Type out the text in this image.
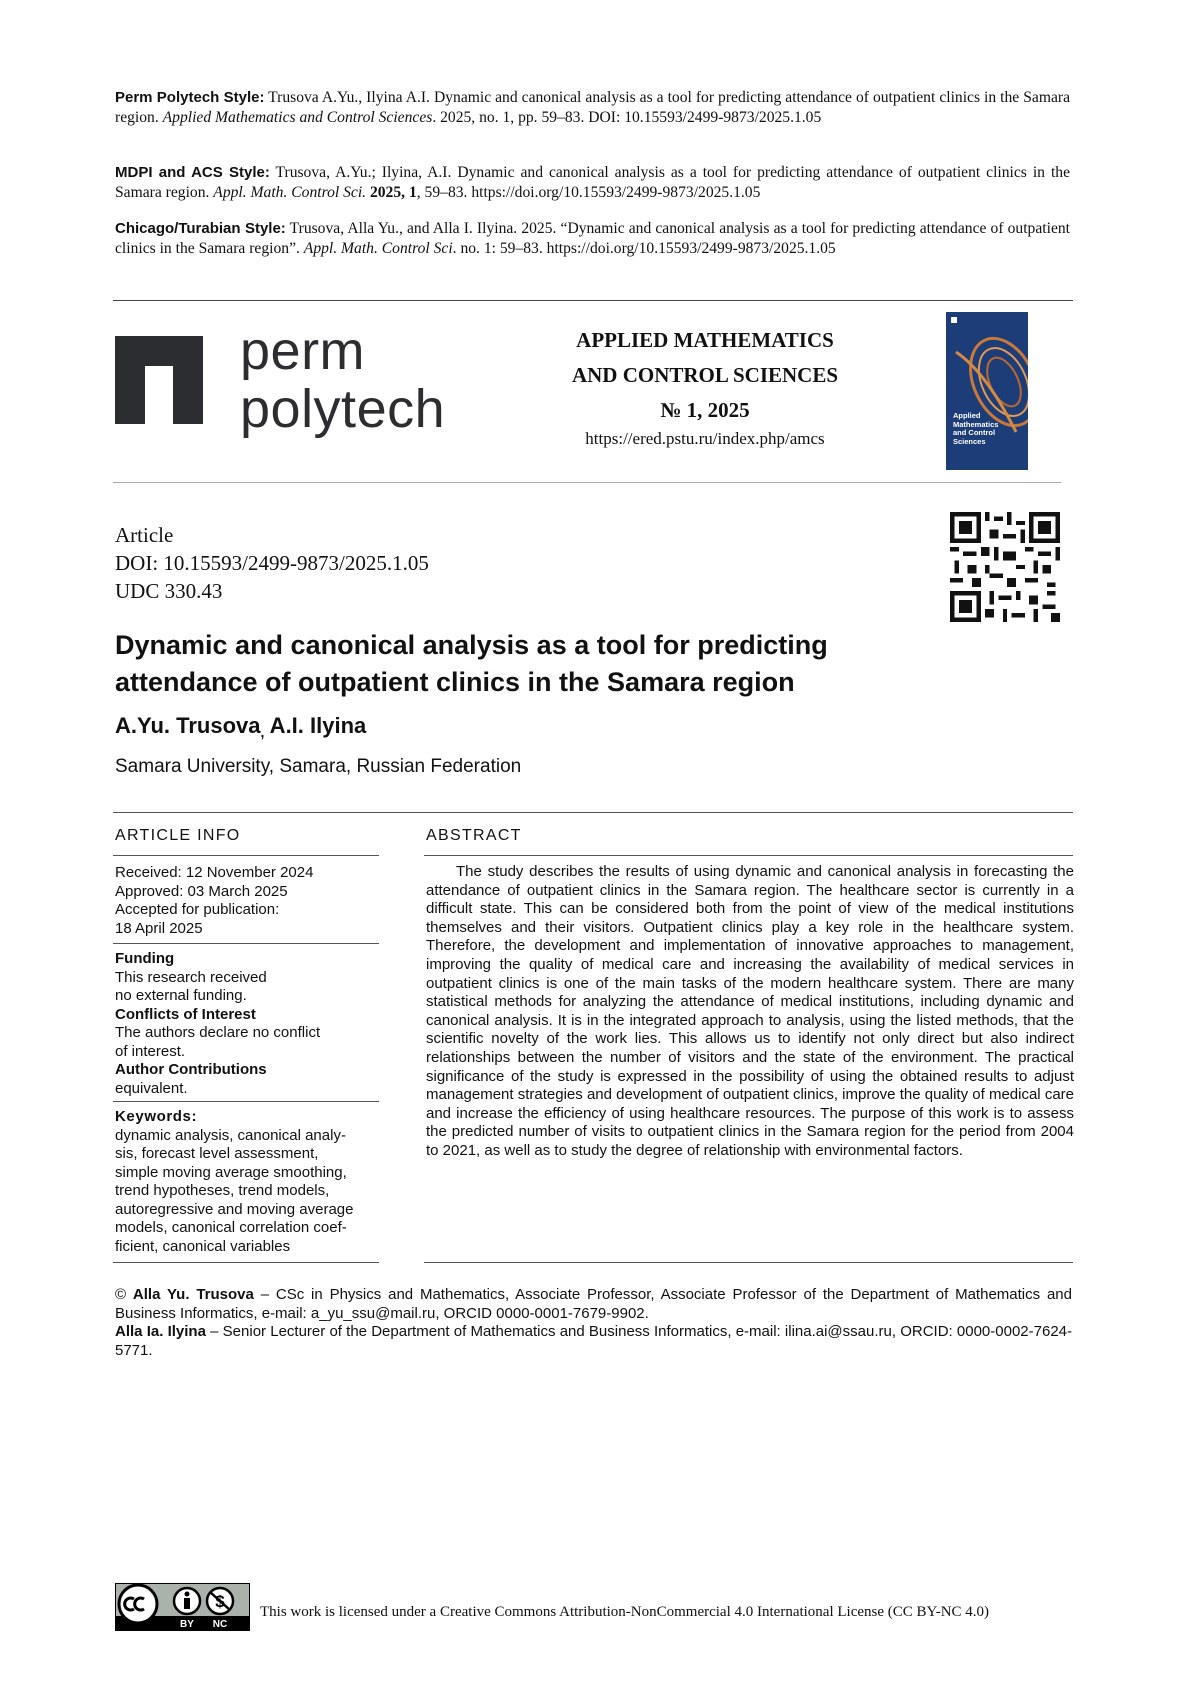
Perm Polytech Style: Trusova A.Yu., Ilyina A.I. Dynamic and canonical analysis as a tool for predicting attendance of outpatient clinics in the Samara region. Applied Mathematics and Control Sciences. 2025, no. 1, pp. 59–83. DOI: 10.15593/2499-9873/2025.1.05
MDPI and ACS Style: Trusova, A.Yu.; Ilyina, A.I. Dynamic and canonical analysis as a tool for predicting attendance of outpatient clinics in the Samara region. Appl. Math. Control Sci. 2025, 1, 59–83. https://doi.org/10.15593/2499-9873/2025.1.05
Chicago/Turabian Style: Trusova, Alla Yu., and Alla I. Ilyina. 2025. “Dynamic and canonical analysis as a tool for predicting attendance of outpatient clinics in the Samara region”. Appl. Math. Control Sci. no. 1: 59–83. https://doi.org/10.15593/2499-9873/2025.1.05
perm
polytech
APPLIED MATHEMATICS
AND CONTROL SCIENCES
№ 1, 2025
https://ered.pstu.ru/index.php/amcs
Applied Mathematics and Control Sciences
Article
DOI: 10.15593/2499-9873/2025.1.05
UDC 330.43
Dynamic and canonical analysis as a tool for predicting attendance of outpatient clinics in the Samara region
A.Yu. Trusova, A.I. Ilyina
Samara University, Samara, Russian Federation
ARTICLE INFO	ABSTRACT
Received: 12 November 2024
Approved: 03 March 2025
Accepted for publication:
18 April 2025
Funding
This research received
no external funding.
Conflicts of Interest
The authors declare no conflict
of interest.
Author Contributions
equivalent.
Keywords:
dynamic analysis, canonical analy-
sis, forecast level assessment,
simple moving average smoothing,
trend hypotheses, trend models,
autoregressive and moving average
models, canonical correlation coef-
ficient, canonical variables

The study describes the results of using dynamic and canonical analysis in forecasting the attendance of outpatient clinics in the Samara region. The healthcare sector is currently in a difficult state. This can be considered both from the point of view of the medical institutions themselves and their visitors. Outpatient clinics play a key role in the healthcare system. Therefore, the development and implementation of innovative approaches to management, improving the quality of medical care and increasing the availability of medical services in outpatient clinics is one of the main tasks of the modern healthcare system. There are many statistical methods for analyzing the attendance of medical institutions, including dynamic and canonical analysis. It is in the integrated approach to analysis, using the listed methods, that the scientific novelty of the work lies. This allows us to identify not only direct but also indirect relationships between the number of visitors and the state of the environment. The practical significance of the study is expressed in the possibility of using the obtained results to adjust management strategies and development of outpatient clinics, improve the quality of medical care and increase the efficiency of using healthcare resources. The purpose of this work is to assess the predicted number of visits to outpatient clinics in the Samara region for the period from 2004 to 2021, as well as to study the degree of relationship with environmental factors.

© Alla Yu. Trusova – CSc in Physics and Mathematics, Associate Professor, Associate Professor of the Department of Mathematics and Business Informatics, e-mail: a_yu_ssu@mail.ru, ORCID 0000-0001-7679-9902.
Alla Ia. Ilyina – Senior Lecturer of the Department of Mathematics and Business Informatics, e-mail: ilina.ai@ssau.ru, ORCID: 0000-0002-7624-5771.
BY NC
This work is licensed under a Creative Commons Attribution-NonCommercial 4.0 International License (CC BY-NC 4.0)
